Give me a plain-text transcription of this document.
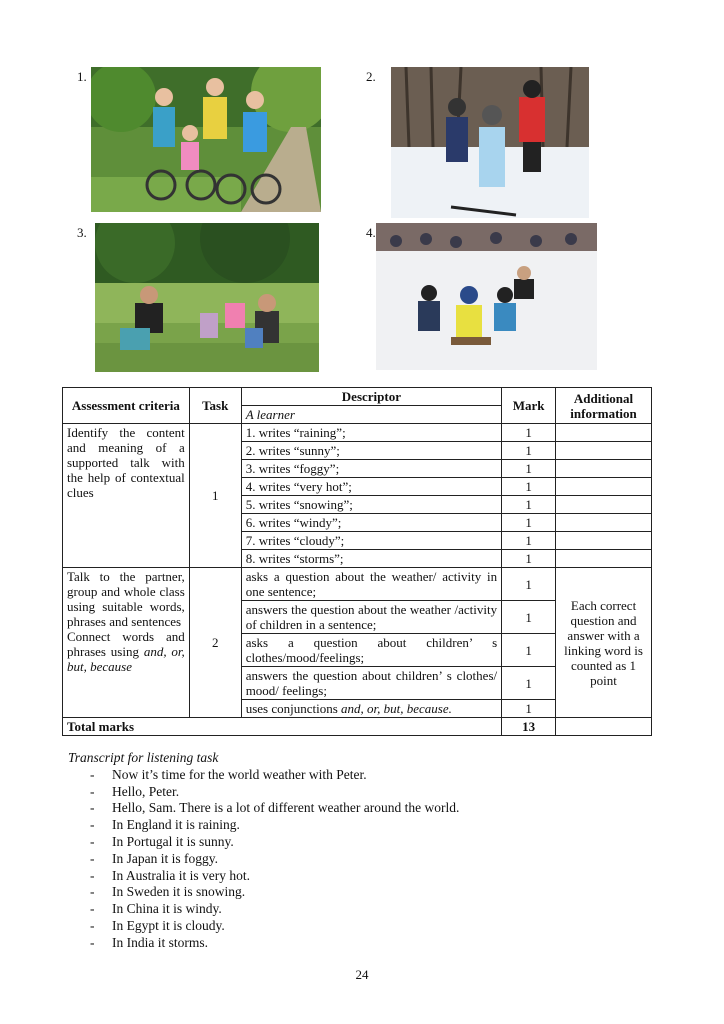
1.	2.
3.	4.
Assessment criteria	Task	Descriptor	Mark	Additional information
		A learner		
Identify the content and meaning of a supported talk with the help of contextual clues	1	1. writes “raining”;	1	
		2. writes “sunny”;	1	
		3. writes “foggy”;	1	
		4. writes “very hot”;	1	
		5. writes “snowing”;	1	
		6. writes “windy”;	1	
		7. writes “cloudy”;	1	
		8. writes “storms”;	1	
Talk to the partner, group and whole class using suitable words, phrases and sentences
Connect words and phrases using and, or, but, because	2	asks a question about the weather/ activity in one sentence;	1	Each correct question and answer with a linking word is counted as 1 point
		answers the question about the weather /activity of children in a sentence;	1	
		asks a question about children’ s clothes/mood/feelings;	1	
		answers the question about children’ s clothes/ mood/ feelings;	1	
		uses conjunctions and, or, but, because.	1	
Total marks			13	
Transcript for listening task
- Now it’s time for the world weather with Peter.
- Hello, Peter.
- Hello, Sam. There is a lot of different weather around the world.
- In England it is raining.
- In Portugal it is sunny.
- In Japan it is foggy.
- In Australia it is very hot.
- In Sweden it is snowing.
- In China it is windy.
- In Egypt it is cloudy.
- In India it storms.
24
